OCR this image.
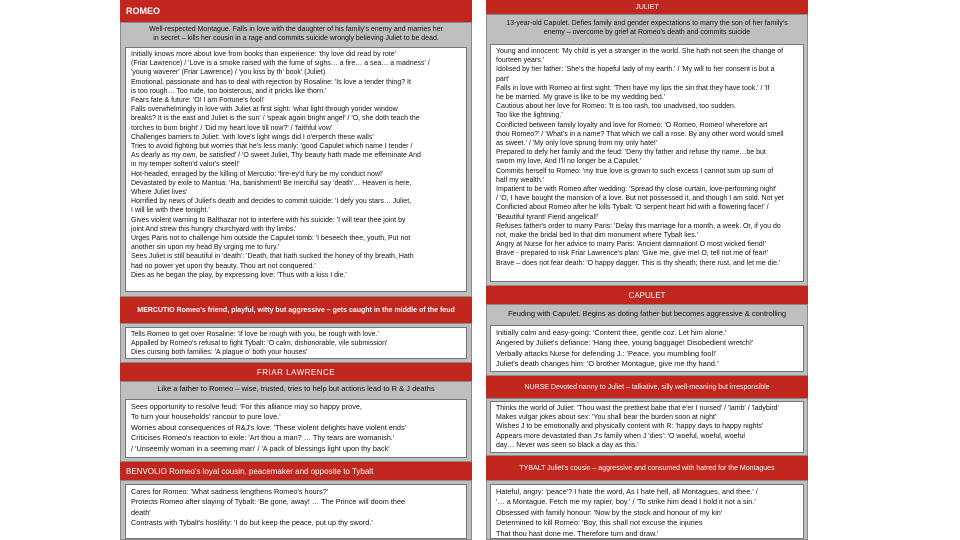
ROMEO
Well-respected Montague. Falls in love with the daughter of his family's enemy and marries her
in secret – kills her cousin in a rage and commits suicide wrongly believing Juliet to be dead.
Initially knows more about love from books than experience: 'thy love did read by rote'
(Friar Lawrence) / 'Love is a smoke raised with the fume of sighs… a fire… a sea… a madness' /
'young waverer' (Friar Lawrence) / 'you kiss by th' book' (Juliet)
Emotional, passionate and has to deal with rejection by Rosaline: 'Is love a tender thing? It
is too rough… Too rude, too boisterous, and it pricks like thorn.'
Fears fate & future: 'O! I am Fortune's fool!'
Falls overwhelmingly in love with Juliet at first sight: 'what light through yonder window
breaks? It is the east and Juliet is the sun' / 'speak again bright angel' / 'O, she doth teach the
torches to burn bright' / 'Did my heart love till now?' / 'faithful vow'
Challenges barriers to Juliet: 'with love's light wings did I o'erperch these walls'
Tries to avoid fighting but worries that he's less manly: 'good Capulet which name I tender /
As dearly as my own, be satisfied' / 'O sweet Juliet, Thy beauty hath made me effeminate And
in my temper soften'd valor's steel!'
Hot-headed, enraged by the killing of Mercutio: 'fire-ey'd fury be my conduct now!'
Devastated by exile to Mantua: 'Ha, banishment! Be merciful say 'death'… Heaven is here,
Where Juliet lives'
Horrified by news of Juliet's death and decides to commit suicide: 'I defy you stars… Juliet,
I will lie with thee tonight.'
Gives violent warning to Balthazar not to interfere with his suicide: 'I will tear thee joint by
joint And strew this hungry churchyard with thy limbs.'
Urges Paris not to challenge him outside the Capulet tomb: 'I beseech thee, youth, Put not
another sin upon my head By urging me to fury.'
Sees Juliet is still beautiful in 'death': 'Death, that hath sucked the honey of thy breath, Hath
had no power yet upon thy beauty. Thou art not conquered.'
Dies as he began the play, by expressing love: 'Thus with a kiss I die.'
MERCUTIO Romeo's friend, playful, witty but aggressive – gets caught in the middle of the feud
Tells Romeo to get over Rosaline: 'If love be rough with you, be rough with love.'
Appalled by Romeo's refusal to fight Tybalt: 'O calm, dishonorable, vile submission'
Dies cursing both families: 'A plague o' both your houses'
FRIAR LAWRENCE
Like a father to Romeo – wise, trusted, tries to help but actions lead to R & J deaths
Sees opportunity to resolve feud: 'For this alliance may so happy prove,
To turn your households' rancour to pure love.'
Worries about consequences of R&J's love: 'These violent delights have violent ends'
Criticises Romeo's reaction to exile: 'Art thou a man? … Thy tears are womanish.'
/ 'Unseemly woman in a seeming man' / 'A pack of blessings light upon thy back'
BENVOLIO Romeo's loyal cousin, peacemaker and opposite to Tybalt
Cares for Romeo: 'What sadness lengthens Romeo's hours?'
Protects Romeo after slaying of Tybalt: 'Be gone, away! … The Prince will doom thee
death'
Contrasts with Tybalt's hostility: 'I do but keep the peace, put up thy sword.'
JULIET
13-year-old Capulet. Defies family and gender expectations to marry the son of her family's
enemy – overcome by grief at Romeo's death and commits suicide
Young and innocent: 'My child is yet a stranger in the world. She hath not seen the change of
fourteen years.'
Idolised by her father: 'She's the hopeful lady of my earth.' / 'My will to her consent is but a
part'
Falls in love with Romeo at first sight: 'Then have my lips the sin that they have took.' / 'If
he be married. My grave is like to be my wedding bed.'
Cautious about her love for Romeo: 'It is too rash, too unadvised, too sudden.
Too like the lightning.'
Conflicted between family loyalty and love for Romeo: 'O Romeo, Romeo! wherefore art
thou Romeo?' / 'What's in a name? That which we call a rose. By any other word would smell
as sweet.' / 'My only love sprung from my only hate!'
Prepared to defy her family and the feud: 'Deny thy father and refuse thy name…be but
sworn my love, And I'll no longer be a Capulet.'
Commits herself to Romeo: 'my true love is grown to such excess I cannot sum up sum of
half my wealth.'
Impatient to be with Romeo after wedding: 'Spread thy close curtain, love-performing night'
/ 'O, I have bought the mansion of a love. But not possessed it, and though I am sold. Not yet
Conflicted about Romeo after he kills Tybalt: 'O serpent heart hid with a flowering face!' /
'Beautiful tyrant! Fiend angelical!'
Refuses father's order to marry Paris: 'Delay this marriage for a month, a week. Or, if you do
not, make the bridal bed In that dim monument where Tybalt lies.'
Angry at Nurse for her advice to marry Paris: 'Ancient damnation! O most wicked fiend!'
Brave - prepared to risk Friar Lawrence's plan: 'Give me, give me! O, tell not me of fear!'
Brave – does not fear death: 'O happy dagger. This is thy sheath; there rust, and let me die.'
CAPULET
Feuding with Capulet. Begins as doting father but becomes aggressive & controlling
Initially calm and easy-going: 'Content thee, gentle coz. Let him alone.'
Angered by Juliet's defiance: 'Hang thee, young baggage! Disobedient wretch!'
Verbally attacks Nurse for defending J.: 'Peace, you mumbling fool!'
Juliet's death changes him: 'O brother Montague, give me thy hand.'
NURSE Devoted nanny to Juliet – talkative, silly well-meaning but irresponsible
Thinks the world of Juliet: 'Thou wast the prettiest babe that e'er I nursed' / 'lamb' / 'ladybird'
Makes vulgar jokes about sex: 'You shall bear the burden soon at night'
Wishes J to be emotionally and physically content with R: 'happy days to happy nights'
Appears more devastated than J's family when J 'dies': 'O woeful, woeful, woeful
day… Never was seen so black a day as this.'
TYBALT Juliet's cousin – aggressive and consumed with hatred for the Montagues
Hateful, angry: 'peace'? I hate the word, As I hate hell, all Montagues, and thee.' /
'… a Montague. Fetch me my rapier, boy.' / 'To strike him dead I hold it not a sin.'
Obsessed with family honour: 'Now by the stock and honour of my kin'
Determined to kill Romeo: 'Boy, this shall not excuse the injuries
That thou hast done me. Therefore turn and draw.'
